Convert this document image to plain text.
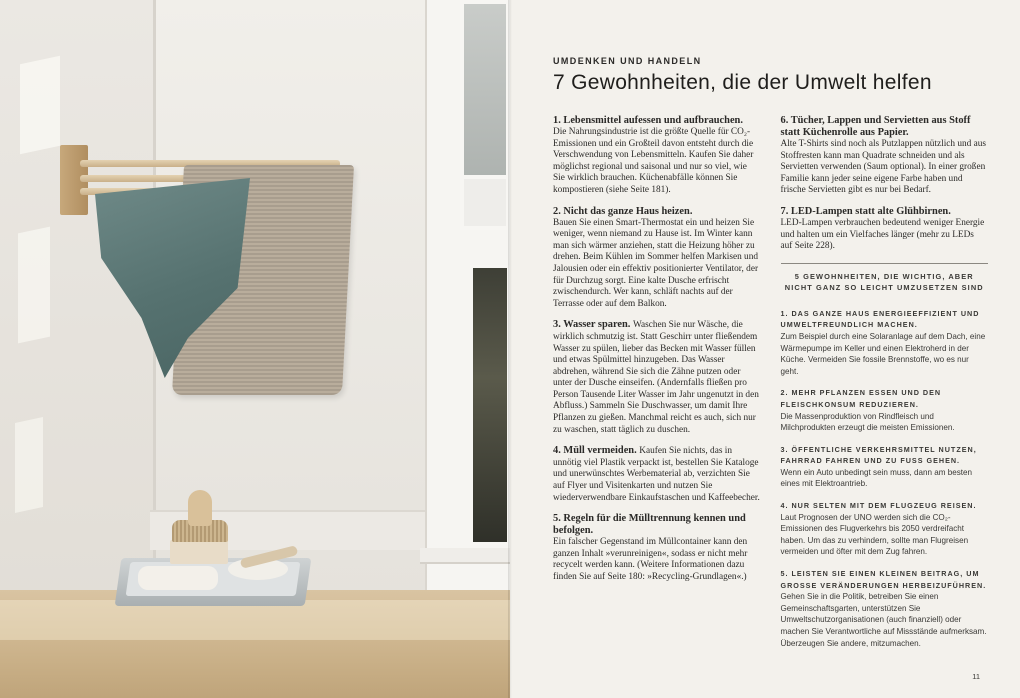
UMDENKEN UND HANDELN
7 Gewohnheiten, die der Umwelt helfen

1. Lebensmittel aufessen und aufbrauchen.
Die Nahrungsindustrie ist die größte Quelle für CO₂-Emissionen und ein Großteil davon entsteht durch die Verschwendung von Lebensmitteln. Kaufen Sie daher möglichst regional und saisonal und nur so viel, wie Sie wirklich brauchen. Küchenabfälle können Sie kompostieren (siehe Seite 181).

2. Nicht das ganze Haus heizen.
Bauen Sie einen Smart-Thermostat ein und heizen Sie weniger, wenn niemand zu Hause ist. Im Winter kann man sich wärmer anziehen, statt die Heizung höher zu drehen. Beim Kühlen im Sommer helfen Markisen und Jalousien oder ein effektiv positionierter Ventilator, der für Durchzug sorgt. Eine kalte Dusche erfrischt zwischendurch. Wer kann, schläft nachts auf der Terrasse oder auf dem Balkon.

3. Wasser sparen. Waschen Sie nur Wäsche, die wirklich schmutzig ist. Statt Geschirr unter fließendem Wasser zu spülen, lieber das Becken mit Wasser füllen und etwas Spülmittel hinzugeben. Das Wasser abdrehen, während Sie sich die Zähne putzen oder unter der Dusche einseifen. (Andernfalls fließen pro Person Tausende Liter Wasser im Jahr ungenutzt in den Abfluss.) Sammeln Sie Duschwasser, um damit Ihre Pflanzen zu gießen. Manchmal reicht es auch, sich nur zu waschen, statt täglich zu duschen.

4. Müll vermeiden. Kaufen Sie nichts, das in unnötig viel Plastik verpackt ist, bestellen Sie Kataloge und unerwünschtes Werbematerial ab, verzichten Sie auf Flyer und Visitenkarten und nutzen Sie wiederverwendbare Einkaufstaschen und Kaffeebecher.

5. Regeln für die Mülltrennung kennen und befolgen.
Ein falscher Gegenstand im Müllcontainer kann den ganzen Inhalt »verunreinigen«, sodass er nicht mehr recycelt werden kann. (Weitere Informationen dazu finden Sie auf Seite 180: »Recycling-Grundlagen«.)

6. Tücher, Lappen und Servietten aus Stoff statt Küchenrolle aus Papier.
Alte T-Shirts sind noch als Putzlappen nützlich und aus Stoffresten kann man Quadrate schneiden und als Servietten verwenden (Saum optional). In einer großen Familie kann jeder seine eigene Farbe haben und frische Servietten gibt es nur bei Bedarf.

7. LED-Lampen statt alte Glühbirnen.
LED-Lampen verbrauchen bedeutend weniger Energie und halten um ein Vielfaches länger (mehr zu LEDs auf Seite 228).

5 GEWOHNHEITEN, DIE WICHTIG, ABER NICHT GANZ SO LEICHT UMZUSETZEN SIND
1. DAS GANZE HAUS ENERGIEEFFIZIENT UND UMWELTFREUNDLICH MACHEN.
Zum Beispiel durch eine Solaranlage auf dem Dach, eine Wärmepumpe im Keller und einen Elektroherd in der Küche. Vermeiden Sie fossile Brennstoffe, wo es nur geht.
2. MEHR PFLANZEN ESSEN UND DEN FLEISCHKONSUM REDUZIEREN.
Die Massenproduktion von Rindfleisch und Milchprodukten erzeugt die meisten Emissionen.
3. ÖFFENTLICHE VERKEHRSMITTEL NUTZEN, FAHRRAD FAHREN UND ZU FUSS GEHEN.
Wenn ein Auto unbedingt sein muss, dann am besten eines mit Elektroantrieb.
4. NUR SELTEN MIT DEM FLUGZEUG REISEN.
Laut Prognosen der UNO werden sich die CO₂-Emissionen des Flugverkehrs bis 2050 verdreifacht haben. Um das zu verhindern, sollte man Flugreisen vermeiden und öfter mit dem Zug fahren.
5. LEISTEN SIE EINEN KLEINEN BEITRAG, UM GROSSE VERÄNDERUNGEN HERBEIZUFÜHREN.
Gehen Sie in die Politik, betreiben Sie einen Gemeinschaftsgarten, unterstützen Sie Umweltschutzorganisationen (auch finanziell) oder machen Sie Verantwortliche auf Missstände aufmerksam. Überzeugen Sie andere, mitzumachen.
11
